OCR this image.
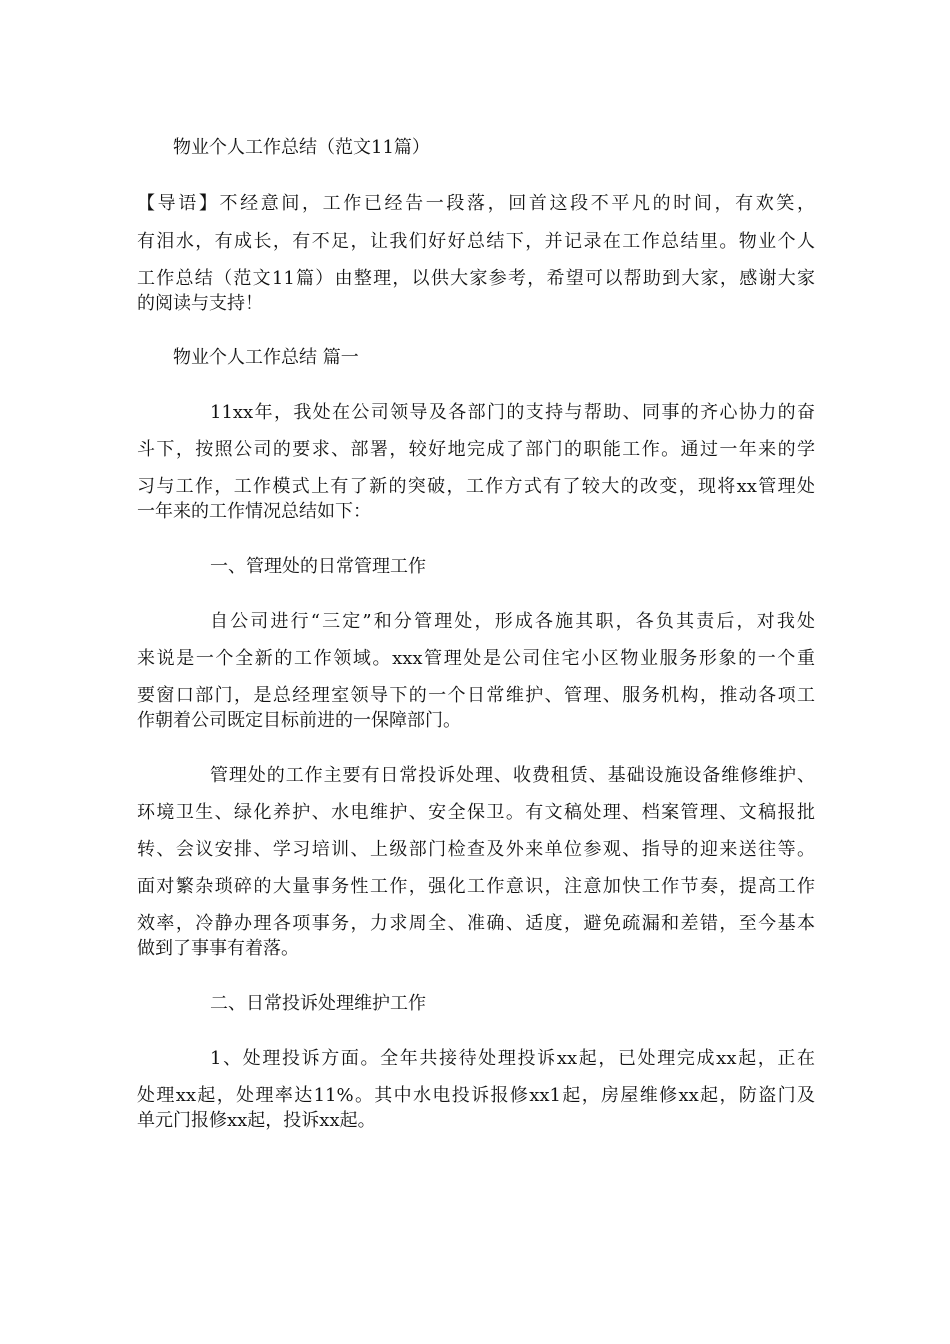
物业个人工作总结（范文11篇）

【导语】不经意间，工作已经告一段落，回首这段不平凡的时间，有欢笑，

有泪水，有成长，有不足，让我们好好总结下，并记录在工作总结里。物业个人

工作总结（范文11篇）由整理，以供大家参考，希望可以帮助到大家，感谢大家

的阅读与支持！

物业个人工作总结 篇一

11xx年，我处在公司领导及各部门的支持与帮助、同事的齐心协力的奋

斗下，按照公司的要求、部署，较好地完成了部门的职能工作。通过一年来的学

习与工作，工作模式上有了新的突破，工作方式有了较大的改变，现将xx管理处

一年来的工作情况总结如下：

一、管理处的日常管理工作

自公司进行“三定”和分管理处，形成各施其职，各负其责后，对我处

来说是一个全新的工作领域。xxx管理处是公司住宅小区物业服务形象的一个重

要窗口部门，是总经理室领导下的一个日常维护、管理、服务机构，推动各项工

作朝着公司既定目标前进的一保障部门。

管理处的工作主要有日常投诉处理、收费租赁、基础设施设备维修维护、

环境卫生、绿化养护、水电维护、安全保卫。有文稿处理、档案管理、文稿报批

转、会议安排、学习培训、上级部门检查及外来单位参观、指导的迎来送往等。

面对繁杂琐碎的大量事务性工作，强化工作意识，注意加快工作节奏，提高工作

效率，冷静办理各项事务，力求周全、准确、适度，避免疏漏和差错，至今基本

做到了事事有着落。

二、日常投诉处理维护工作

1、处理投诉方面。全年共接待处理投诉xx起，已处理完成xx起，正在

处理xx起，处理率达11%。其中水电投诉报修xx1起，房屋维修xx起，防盗门及

单元门报修xx起，投诉xx起。
